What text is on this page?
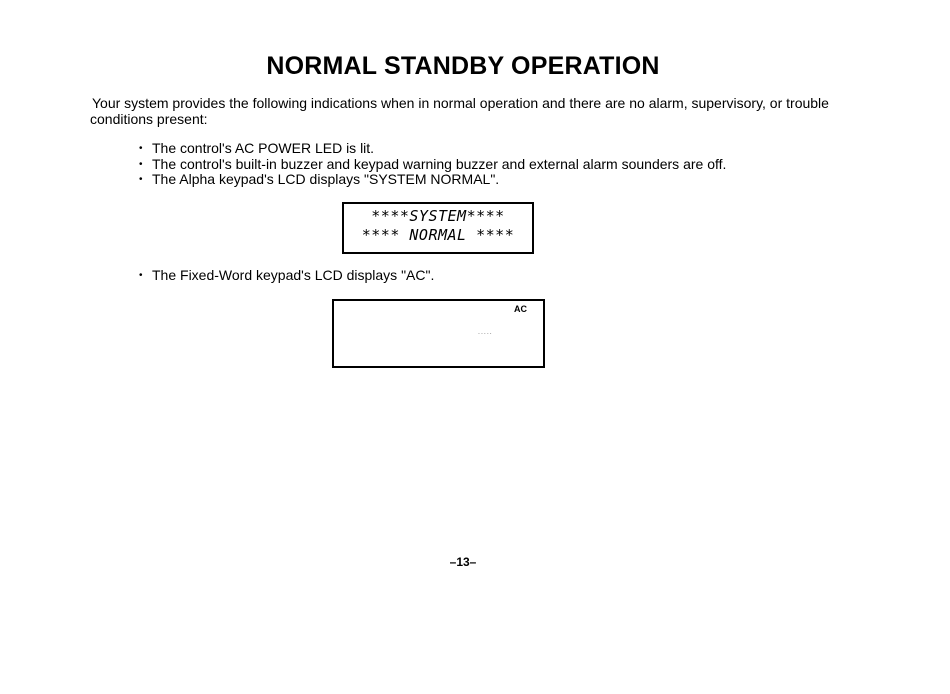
NORMAL STANDBY OPERATION
Your system provides the following indications when in normal operation and there are no alarm, supervisory, or trouble conditions present:
• The control's AC POWER LED is lit.
• The control's built-in buzzer and keypad warning buzzer and external alarm sounders are off.
• The Alpha keypad's LCD displays "SYSTEM NORMAL".
****SYSTEM****
**** NORMAL ****
• The Fixed-Word keypad's LCD displays "AC".
AC
.....
–13–
